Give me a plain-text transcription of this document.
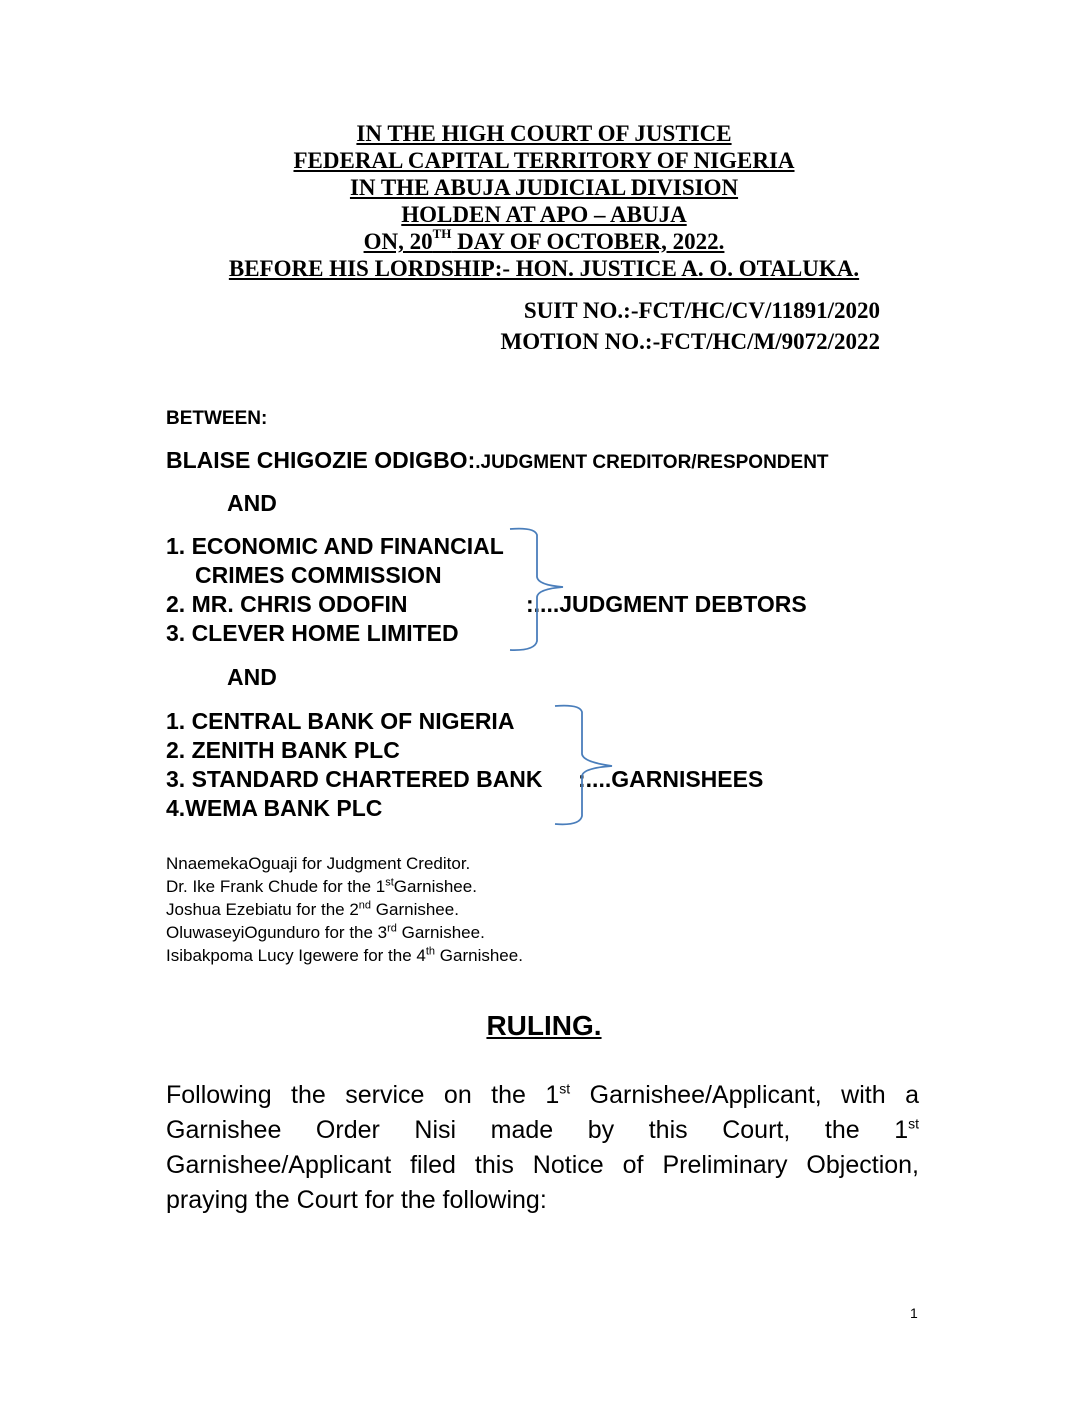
IN THE HIGH COURT OF JUSTICE
FEDERAL CAPITAL TERRITORY OF NIGERIA
IN THE ABUJA JUDICIAL DIVISION
HOLDEN AT APO – ABUJA
ON, 20TH DAY OF OCTOBER, 2022.
BEFORE HIS LORDSHIP:- HON. JUSTICE A. O. OTALUKA.
SUIT NO.:-FCT/HC/CV/11891/2020
MOTION NO.:-FCT/HC/M/9072/2022
BETWEEN:
BLAISE CHIGOZIE ODIGBO:.JUDGMENT CREDITOR/RESPONDENT
AND
1. ECONOMIC AND FINANCIAL
CRIMES COMMISSION
2. MR. CHRIS ODOFIN
3. CLEVER HOME LIMITED
:....JUDGMENT DEBTORS
AND
1. CENTRAL BANK OF NIGERIA
2. ZENITH BANK PLC
3. STANDARD CHARTERED BANK
4.WEMA BANK PLC
:....GARNISHEES
NnaemekaOguaji for Judgment Creditor.
Dr. Ike Frank Chude for the 1stGarnishee.
Joshua Ezebiatu for the 2nd Garnishee.
OluwaseyiOgunduro for the 3rd Garnishee.
Isibakpoma Lucy Igewere for the 4th Garnishee.
RULING.
Following the service on the 1st Garnishee/Applicant, with a Garnishee Order Nisi made by this Court, the 1st Garnishee/Applicant filed this Notice of Preliminary Objection, praying the Court for the following:
1
